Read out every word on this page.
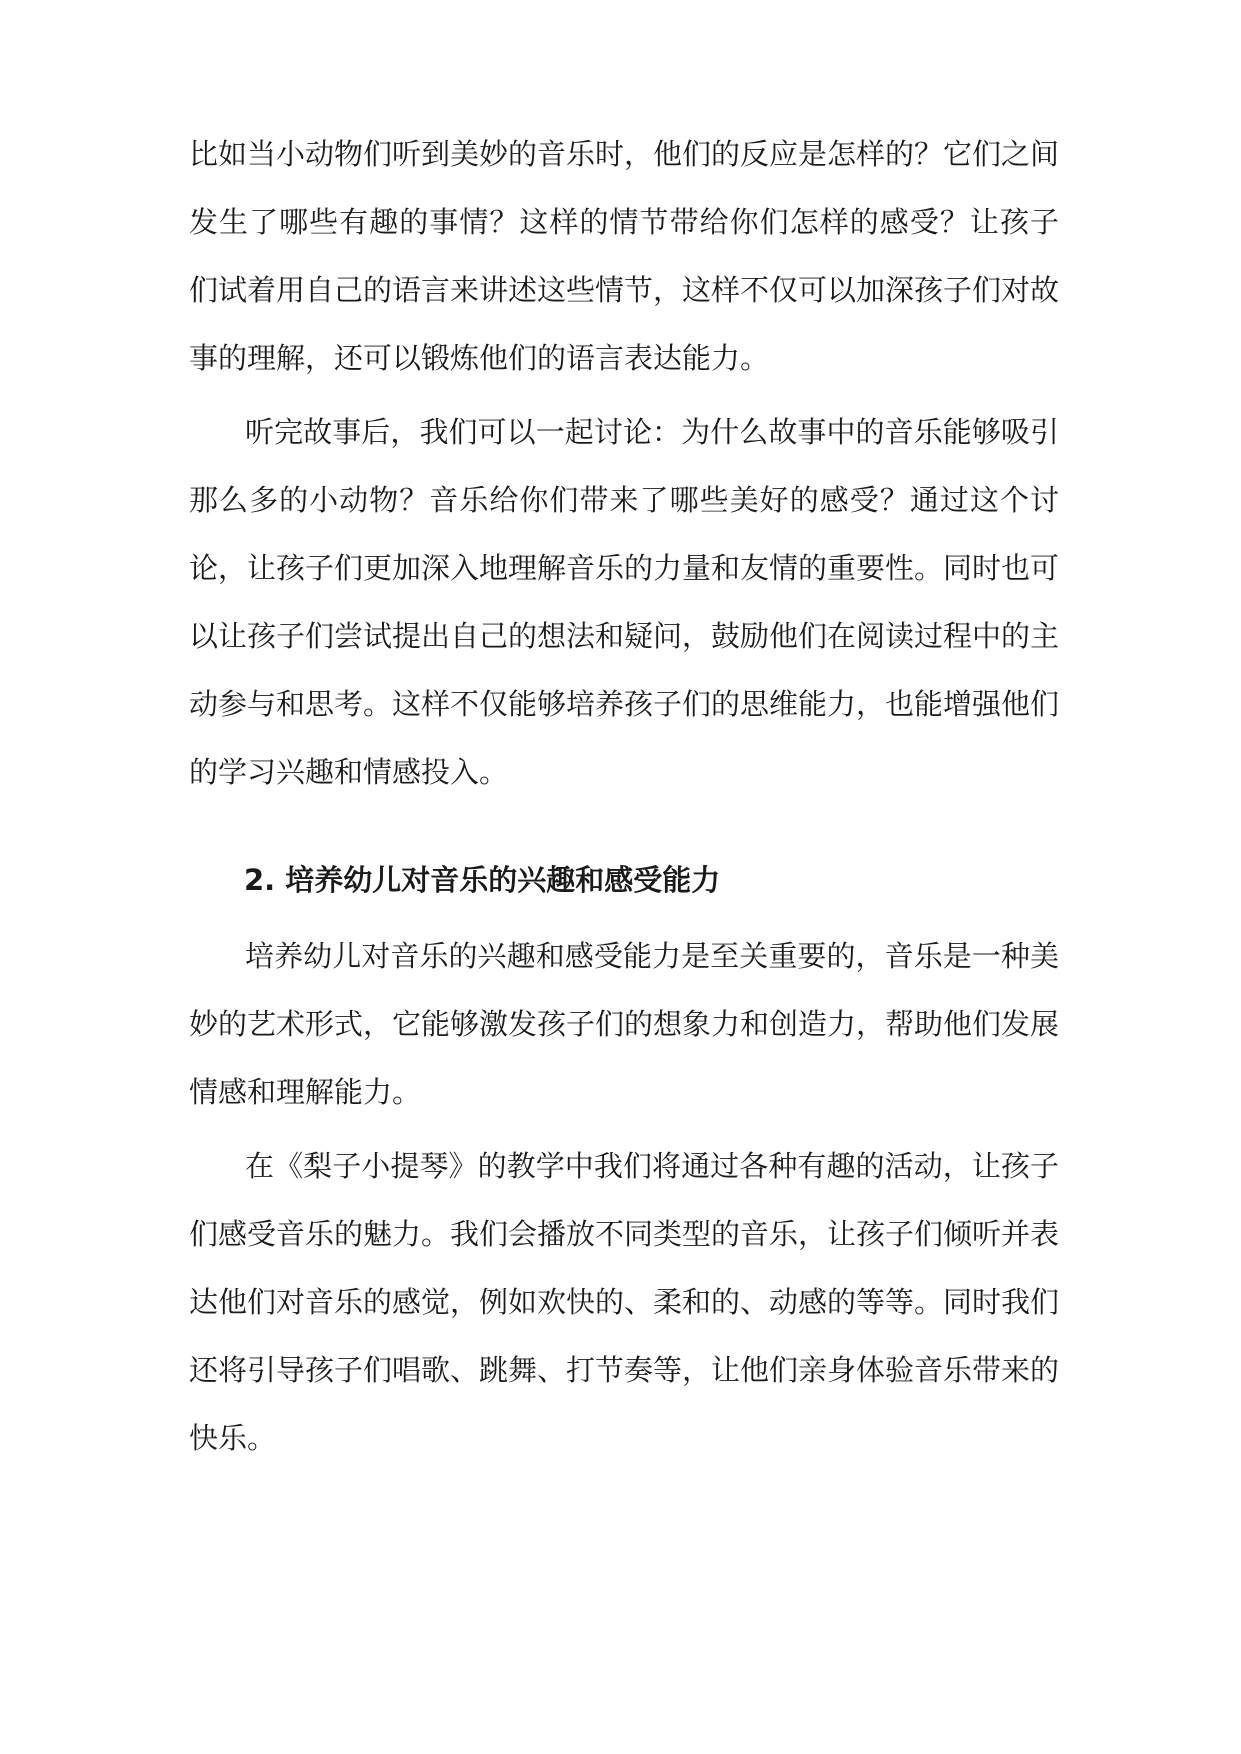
比如当小动物们听到美妙的音乐时，他们的反应是怎样的？它们之间
发生了哪些有趣的事情？这样的情节带给你们怎样的感受？让孩子
们试着用自己的语言来讲述这些情节，这样不仅可以加深孩子们对故
事的理解，还可以锻炼他们的语言表达能力。
听完故事后，我们可以一起讨论：为什么故事中的音乐能够吸引
那么多的小动物？音乐给你们带来了哪些美好的感受？通过这个讨
论，让孩子们更加深入地理解音乐的力量和友情的重要性。同时也可
以让孩子们尝试提出自己的想法和疑问，鼓励他们在阅读过程中的主
动参与和思考。这样不仅能够培养孩子们的思维能力，也能增强他们
的学习兴趣和情感投入。
2. 培养幼儿对音乐的兴趣和感受能力
培养幼儿对音乐的兴趣和感受能力是至关重要的，音乐是一种美
妙的艺术形式，它能够激发孩子们的想象力和创造力，帮助他们发展
情感和理解能力。
在《梨子小提琴》的教学中我们将通过各种有趣的活动，让孩子
们感受音乐的魅力。我们会播放不同类型的音乐，让孩子们倾听并表
达他们对音乐的感觉，例如欢快的、柔和的、动感的等等。同时我们
还将引导孩子们唱歌、跳舞、打节奏等，让他们亲身体验音乐带来的
快乐。
